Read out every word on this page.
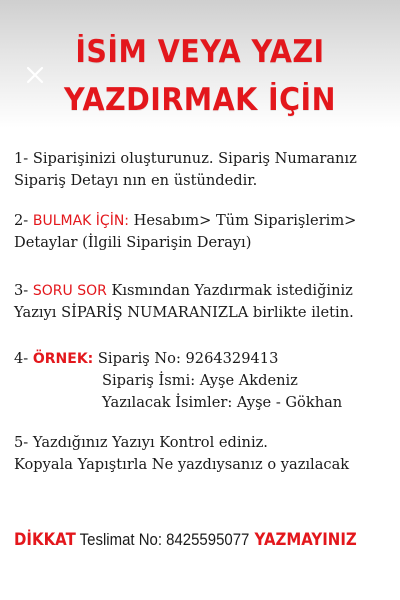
İSİM VEYA YAZI
YAZDIRMAK İÇİN
1- Siparişinizi oluşturunuz. Sipariş Numaranız
Sipariş Detayı nın en üstündedir.
2- BULMAK İÇİN: Hesabım> Tüm Siparişlerim>
Detaylar (İlgili Siparişin Derayı)
3- SORU SOR Kısmından Yazdırmak istediğiniz
Yazıyı SİPARİŞ NUMARANIZLA birlikte iletin.
4- ÖRNEK: Sipariş No: 9264329413
Sipariş İsmi: Ayşe Akdeniz
Yazılacak İsimler: Ayşe - Gökhan
5- Yazdığınız Yazıyı Kontrol ediniz.
Kopyala Yapıştırla Ne yazdıysanız o yazılacak
DİKKAT Teslimat No: 8425595077 YAZMAYINIZ
